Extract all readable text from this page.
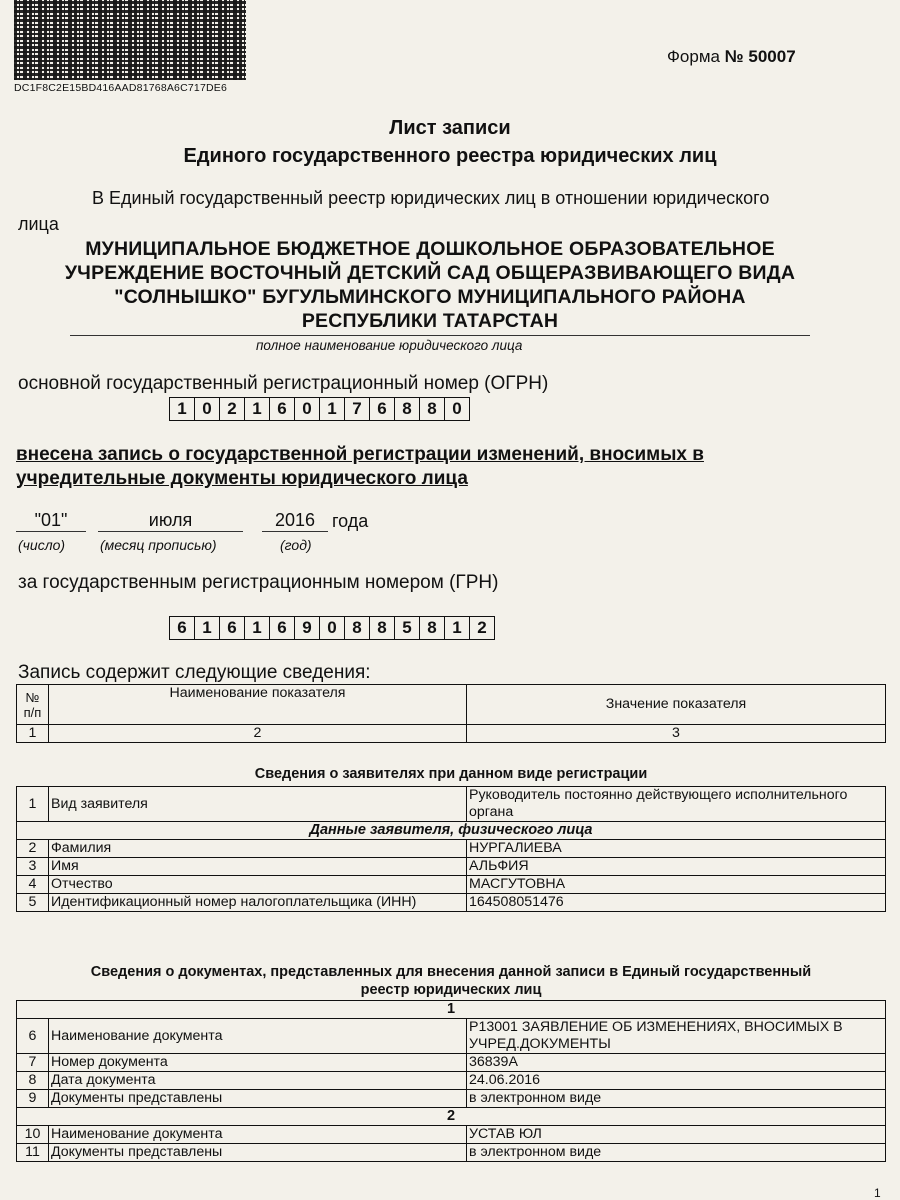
DC1F8C2E15BD416AAD81768A6C717DE6
Форма № 50007
Лист записи
Единого государственного реестра юридических лиц
В Единый государственный реестр юридических лиц в отношении юридического
лица
МУНИЦИПАЛЬНОЕ БЮДЖЕТНОЕ ДОШКОЛЬНОЕ ОБРАЗОВАТЕЛЬНОЕ
УЧРЕЖДЕНИЕ ВОСТОЧНЫЙ ДЕТСКИЙ САД ОБЩЕРАЗВИВАЮЩЕГО ВИДА
"СОЛНЫШКО" БУГУЛЬМИНСКОГО МУНИЦИПАЛЬНОГО РАЙОНА
РЕСПУБЛИКИ ТАТАРСТАН
полное наименование юридического лица
основной государственный регистрационный номер (ОГРН)
1 0 2 1 6 0 1 7 6 8 8 0
внесена запись о государственной регистрации изменений, вносимых в
учредительные документы юридического лица
"01"	июля	2016 года
(число) (месяц прописью)	(год)
за государственным регистрационным номером (ГРН)
6 1 6 1 6 9 0 8 8 5 8 1 2
Запись содержит следующие сведения:
№ п/п	Наименование показателя	Значение показателя
1	2	3
Сведения о заявителях при данном виде регистрации
1	Вид заявителя	Руководитель постоянно действующего исполнительного органа
Данные заявителя, физического лица		
2	Фамилия	НУРГАЛИЕВА
3	Имя	АЛЬФИЯ
4	Отчество	МАСГУТОВНА
5	Идентификационный номер налогоплательщика (ИНН)	164508051476
Сведения о документах, представленных для внесения данной записи в Единый государственный
реестр юридических лиц
1		
6	Наименование документа	Р13001 ЗАЯВЛЕНИЕ ОБ ИЗМЕНЕНИЯХ, ВНОСИМЫХ В УЧРЕД.ДОКУМЕНТЫ
7	Номер документа	36839А
8	Дата документа	24.06.2016
9	Документы представлены	в электронном виде
2		
10	Наименование документа	УСТАВ ЮЛ
11	Документы представлены	в электронном виде
1
